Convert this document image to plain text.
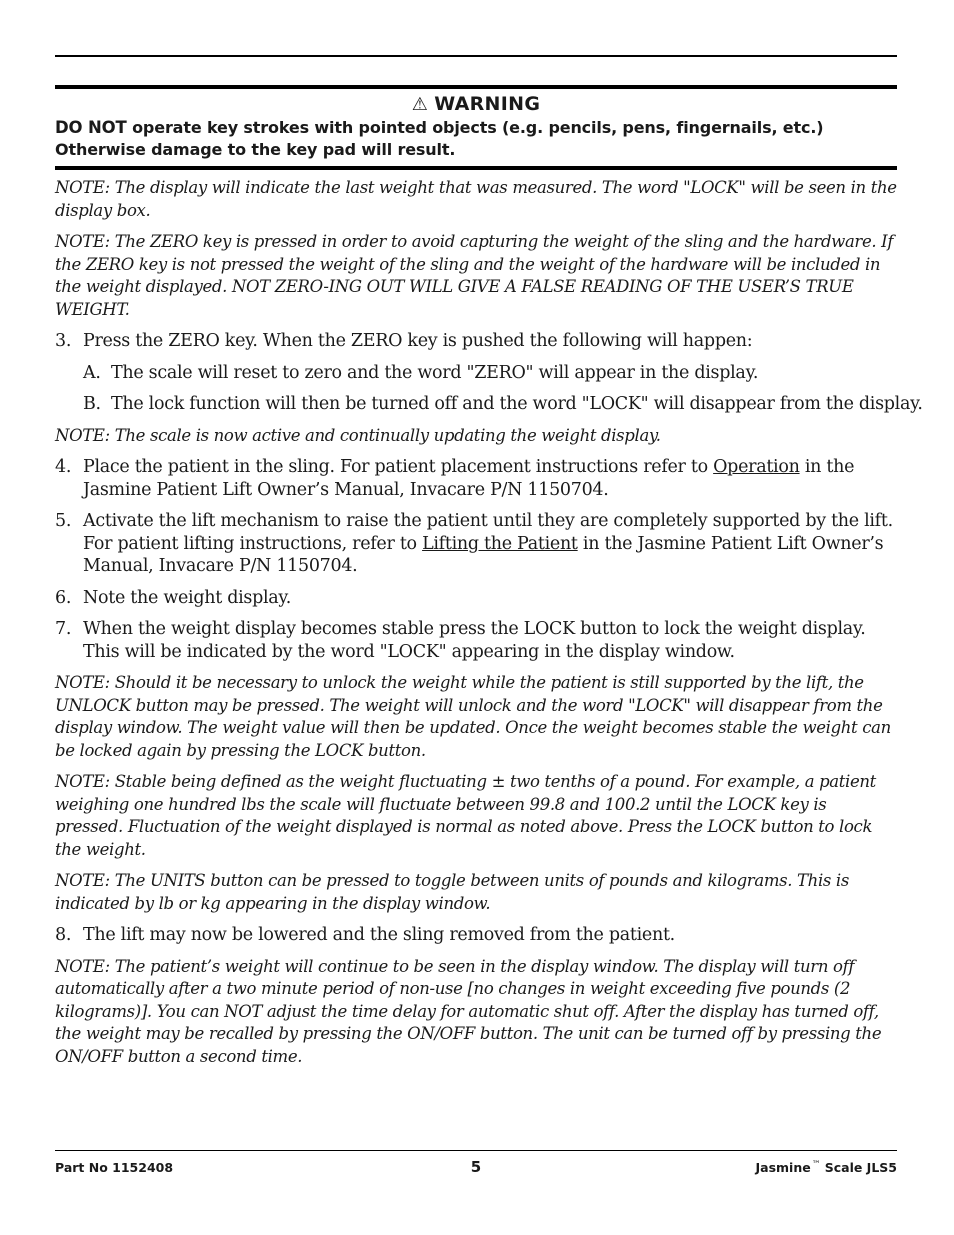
⚠ WARNING
DO NOT operate key strokes with pointed objects (e.g. pencils, pens, fingernails, etc.) Otherwise damage to the key pad will result.

NOTE: The display will indicate the last weight that was measured. The word "LOCK" will be seen in the display box.

NOTE: The ZERO key is pressed in order to avoid capturing the weight of the sling and the hardware. If the ZERO key is not pressed the weight of the sling and the weight of the hardware will be included in the weight displayed. NOT ZERO-ING OUT WILL GIVE A FALSE READING OF THE USER’S TRUE WEIGHT.

3. Press the ZERO key. When the ZERO key is pushed the following will happen:
A. The scale will reset to zero and the word "ZERO" will appear in the display.
B. The lock function will then be turned off and the word "LOCK" will disappear from the display.

NOTE: The scale is now active and continually updating the weight display.

4. Place the patient in the sling. For patient placement instructions refer to Operation in the Jasmine Patient Lift Owner’s Manual, Invacare P/N 1150704.
5. Activate the lift mechanism to raise the patient until they are completely supported by the lift. For patient lifting instructions, refer to Lifting the Patient in the Jasmine Patient Lift Owner’s Manual, Invacare P/N 1150704.
6. Note the weight display.
7. When the weight display becomes stable press the LOCK button to lock the weight display. This will be indicated by the word "LOCK" appearing in the display window.

NOTE: Should it be necessary to unlock the weight while the patient is still supported by the lift, the UNLOCK button may be pressed. The weight will unlock and the word "LOCK" will disappear from the display window. The weight value will then be updated. Once the weight becomes stable the weight can be locked again by pressing the LOCK button.

NOTE: Stable being defined as the weight fluctuating ± two tenths of a pound. For example, a patient weighing one hundred lbs the scale will fluctuate between 99.8 and 100.2 until the LOCK key is pressed. Fluctuation of the weight displayed is normal as noted above. Press the LOCK button to lock the weight.

NOTE: The UNITS button can be pressed to toggle between units of pounds and kilograms. This is indicated by lb or kg appearing in the display window.

8. The lift may now be lowered and the sling removed from the patient.

NOTE: The patient’s weight will continue to be seen in the display window. The display will turn off automatically after a two minute period of non-use [no changes in weight exceeding five pounds (2 kilograms)]. You can NOT adjust the time delay for automatic shut off. After the display has turned off, the weight may be recalled by pressing the ON/OFF button. The unit can be turned off by pressing the ON/OFF button a second time.

Part No 1152408	5	Jasmine™ Scale JLS5
